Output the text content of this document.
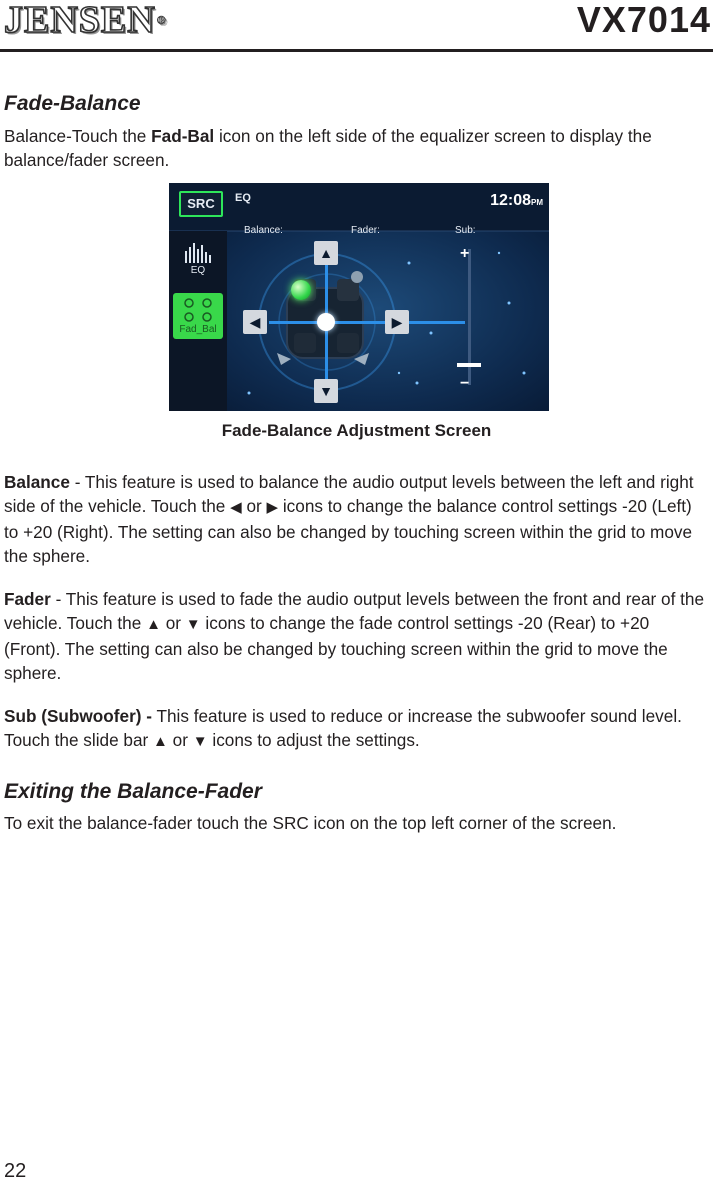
JENSEN®	VX7014
Fade-Balance
Balance-Touch the Fad-Bal icon on the left side of the equalizer screen to display the balance/fader screen.
SRC	EQ	12:08PM
EQ
Fad_Bal
Balance:	Fader:	Sub:
▲
▼
◀	▶
+
−
Fade-Balance Adjustment Screen
Balance - This feature is used to balance the audio output levels between the left and right side of the vehicle. Touch the ◀ or ▶ icons to change the balance control settings -20 (Left) to +20 (Right). The setting can also be changed by touching screen within the grid to move the sphere.
Fader - This feature is used to fade the audio output levels between the front and rear of the vehicle. Touch the ▲ or ▼ icons to change the fade control settings -20 (Rear) to +20 (Front). The setting can also be changed by touching screen within the grid to move the sphere.
Sub (Subwoofer) - This feature is used to reduce or increase the subwoofer sound level. Touch the slide bar ▲ or ▼ icons to adjust the settings.
Exiting the Balance-Fader
To exit the balance-fader touch the SRC icon on the top left corner of the screen.
22
